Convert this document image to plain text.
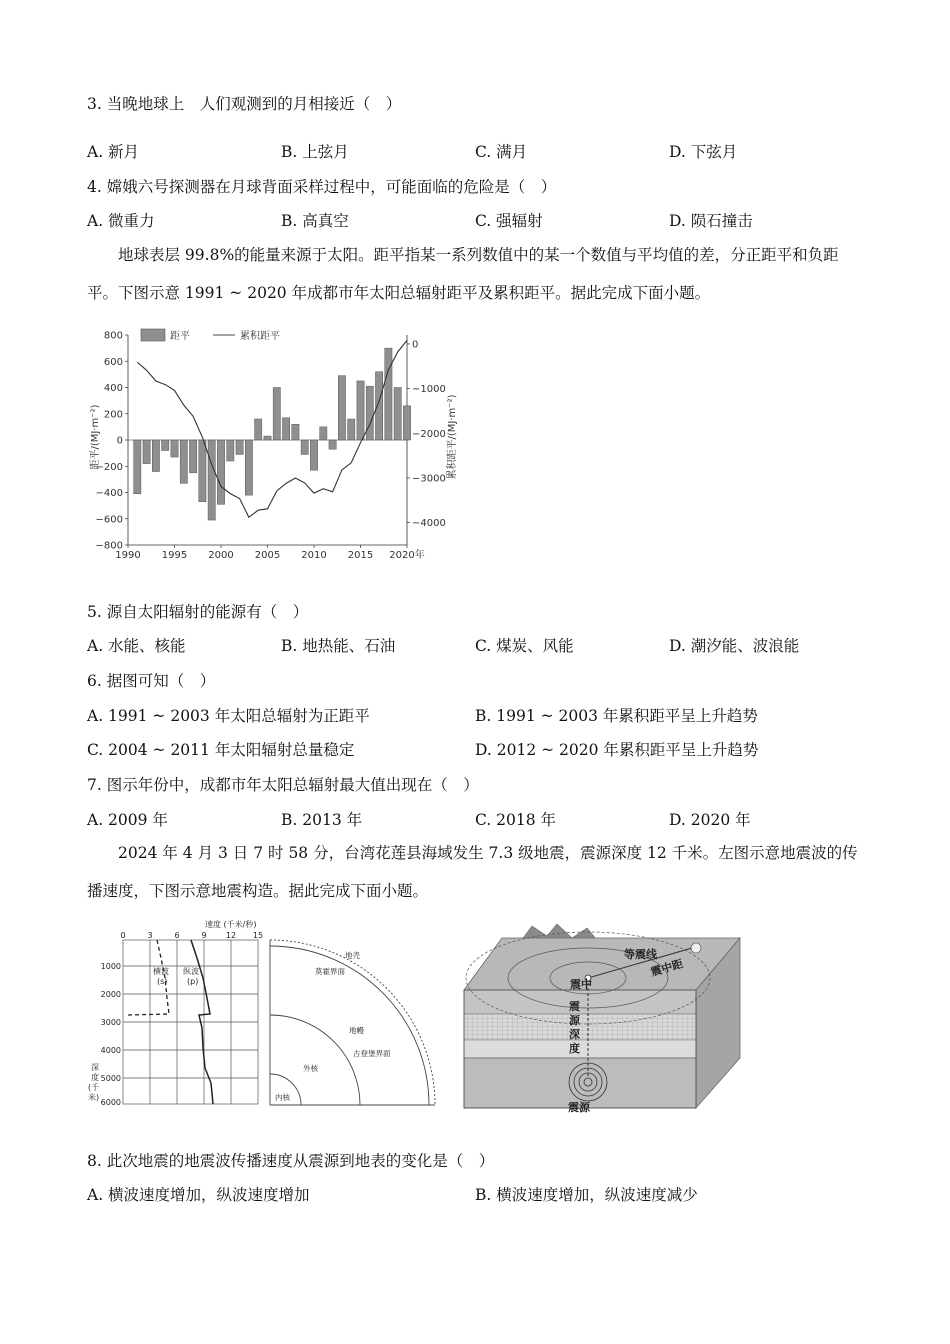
3. 当晚地球上　人们观测到的月相接近（　）
A. 新月	B. 上弦月	C. 满月	D. 下弦月
4. 嫦娥六号探测器在月球背面采样过程中，可能面临的危险是（　）
A. 微重力	B. 高真空	C. 强辐射	D. 陨石撞击
地球表层 99.8%的能量来源于太阳。距平指某一系列数值中的某一个数值与平均值的差，分正距平和负距平。下图示意 1991 ~ 2020 年成都市年太阳总辐射距平及累积距平。据此完成下面小题。
距平	累积距平
距平/(MJ·m⁻²)	累积距平/(MJ·m⁻²)
800
600
400
200
0
−200
−400
−600
−800
0
−1000
−2000
−3000
−4000
1990 1995 2000 2005 2010 2015 2020年
5. 源自太阳辐射的能源有（　）
A. 水能、核能	B. 地热能、石油	C. 煤炭、风能	D. 潮汐能、波浪能
6. 据图可知（　）
A. 1991 ~ 2003 年太阳总辐射为正距平	B. 1991 ~ 2003 年累积距平呈上升趋势
C. 2004 ~ 2011 年太阳辐射总量稳定	D. 2012 ~ 2020 年累积距平呈上升趋势
7. 图示年份中，成都市年太阳总辐射最大值出现在（　）
A. 2009 年	B. 2013 年	C. 2018 年	D. 2020 年
2024 年 4 月 3 日 7 时 58 分，台湾花莲县海域发生 7.3 级地震，震源深度 12 千米。左图示意地震波的传播速度，下图示意地震构造。据此完成下面小题。
速度 (千米/秒)
0	3	6	9 12 15
1000
2000
3000
4000
5000
6000
深
度
(千
米)
横波
(s)
纵波
(p)
地壳
莫霍界面
地幔
古登堡界面
外核
内核
等震线
震中
震中距
震
源
深
度
震源
8. 此次地震的地震波传播速度从震源到地表的变化是（　）
A. 横波速度增加，纵波速度增加	B. 横波速度增加，纵波速度减少
